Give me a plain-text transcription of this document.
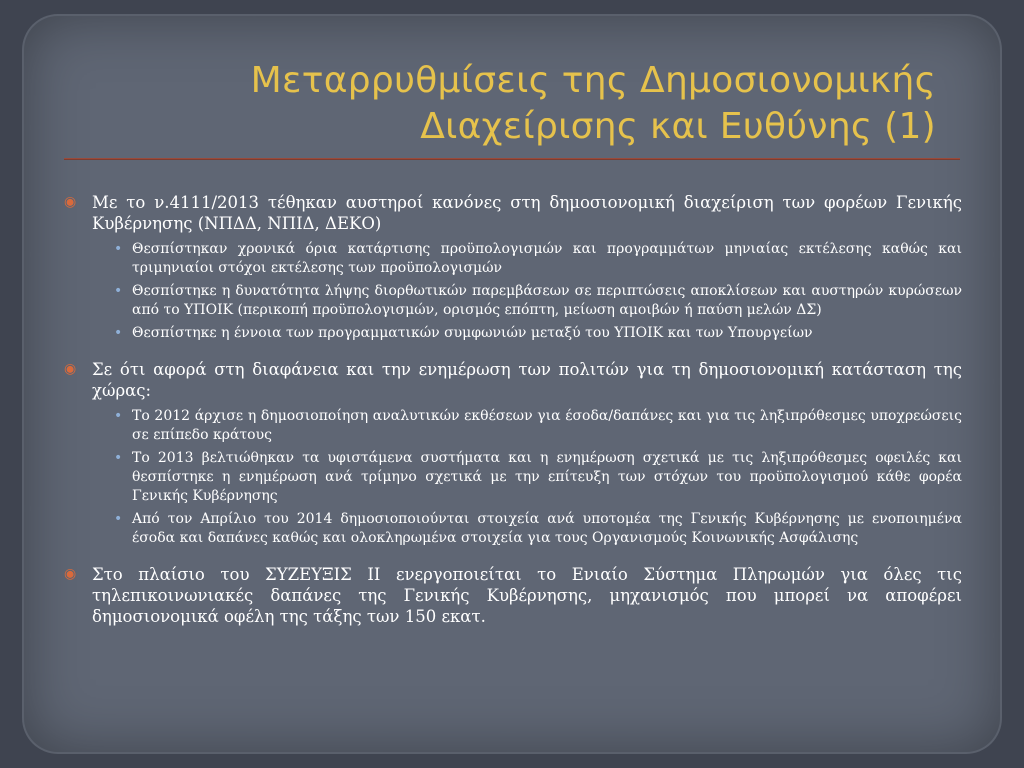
Μεταρρυθμίσεις της Δημοσιονομικής
Διαχείρισης και Ευθύνης (1)
◉ Με το ν.4111/2013 τέθηκαν αυστηροί κανόνες στη δημοσιονομική διαχείριση των φορέων Γενικής Κυβέρνησης (ΝΠΔΔ, ΝΠΙΔ, ΔΕΚΟ)
• Θεσπίστηκαν χρονικά όρια κατάρτισης προϋπολογισμών και προγραμμάτων μηνιαίας εκτέλεσης καθώς και τριμηνιαίοι στόχοι εκτέλεσης των προϋπολογισμών
• Θεσπίστηκε η δυνατότητα λήψης διορθωτικών παρεμβάσεων σε περιπτώσεις αποκλίσεων και αυστηρών κυρώσεων από το ΥΠΟΙΚ (περικοπή προϋπολογισμών, ορισμός επόπτη, μείωση αμοιβών ή παύση μελών ΔΣ)
• Θεσπίστηκε η έννοια των προγραμματικών συμφωνιών μεταξύ του ΥΠΟΙΚ και των Υπουργείων
◉ Σε ότι αφορά στη διαφάνεια και την ενημέρωση των πολιτών για τη δημοσιονομική κατάσταση της χώρας:
• Το 2012 άρχισε η δημοσιοποίηση αναλυτικών εκθέσεων για έσοδα/δαπάνες και για τις ληξιπρόθεσμες υποχρεώσεις σε επίπεδο κράτους
• Το 2013 βελτιώθηκαν τα υφιστάμενα συστήματα και η ενημέρωση σχετικά με τις ληξιπρόθεσμες οφειλές και θεσπίστηκε η ενημέρωση ανά τρίμηνο σχετικά με την επίτευξη των στόχων του προϋπολογισμού κάθε φορέα Γενικής Κυβέρνησης
• Από τον Απρίλιο του 2014 δημοσιοποιούνται στοιχεία ανά υποτομέα της Γενικής Κυβέρνησης με ενοποιημένα έσοδα και δαπάνες καθώς και ολοκληρωμένα στοιχεία για τους Οργανισμούς Κοινωνικής Ασφάλισης
◉ Στο πλαίσιο του ΣΥΖΕΥΞΙΣ ΙΙ ενεργοποιείται το Ενιαίο Σύστημα Πληρωμών για όλες τις τηλεπικοινωνιακές δαπάνες της Γενικής Κυβέρνησης, μηχανισμός που μπορεί να αποφέρει δημοσιονομικά οφέλη της τάξης των 150 εκατ.
